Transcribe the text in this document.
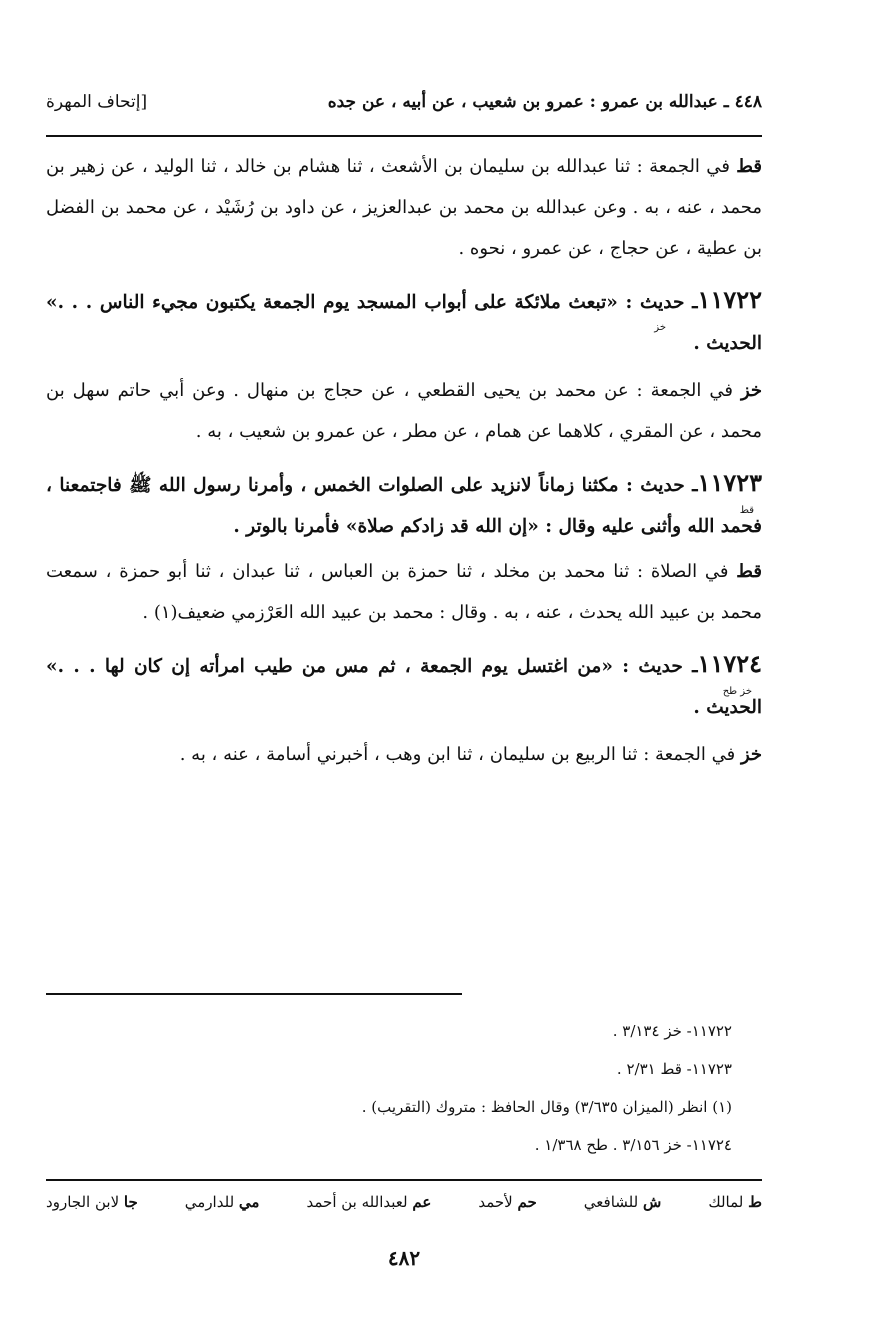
٤٤٨ ـ عبدالله بن عمرو : عمرو بن شعيب ، عن أبيه ، عن جده
[إتحاف المهرة

قط في الجمعة : ثنا عبدالله بن سليمان بن الأشعث ، ثنا هشام بن خالد ، ثنا الوليد ، عن زهير بن محمد ، عنه ، به . وعن عبدالله بن محمد بن عبدالعزيز ، عن داود بن رُشَيْد ، عن محمد بن الفضل بن عطية ، عن حجاج ، عن عمرو ، نحوه .

١١٧٢٢
خز
ـ حديث : «تبعث ملائكة على أبواب المسجد يوم الجمعة يكتبون مجيء الناس . . .» الحديث .

خز في الجمعة : عن محمد بن يحيى القطعي ، عن حجاج بن منهال . وعن أبي حاتم سهل بن محمد ، عن المقري ، كلاهما عن همام ، عن مطر ، عن عمرو بن شعيب ، به .

١١٧٢٣
قط
ـ حديث : مكثنا زماناً لانزيد على الصلوات الخمس ، وأمرنا رسول الله ﷺ فاجتمعنا ، فحمد الله وأثنى عليه وقال : «إن الله قد زادكم صلاة» فأمرنا بالوتر .

قط في الصلاة : ثنا محمد بن مخلد ، ثنا حمزة بن العباس ، ثنا عبدان ، ثنا أبو حمزة ، سمعت محمد بن عبيد الله يحدث ، عنه ، به . وقال : محمد بن عبيد الله العَرْزمي ضعيف(١) .

١١٧٢٤
خز طح
ـ حديث : «من اغتسل يوم الجمعة ، ثم مس من طيب امرأته إن كان لها . . .» الحديث .

خز في الجمعة : ثنا الربيع بن سليمان ، ثنا ابن وهب ، أخبرني أسامة ، عنه ، به .

١١٧٢٢- خز ٣/١٣٤ .
١١٧٢٣- قط ٢/٣١ .
(١) انظر (الميزان ٣/٦٣٥) وقال الحافظ : متروك (التقريب) .
١١٧٢٤- خز ٣/١٥٦ . طح ١/٣٦٨ .
ط لمالك
ش للشافعي
حم لأحمد
عم لعبدالله بن أحمد
مي للدارمي
جا لابن الجارود
٤٨٢
